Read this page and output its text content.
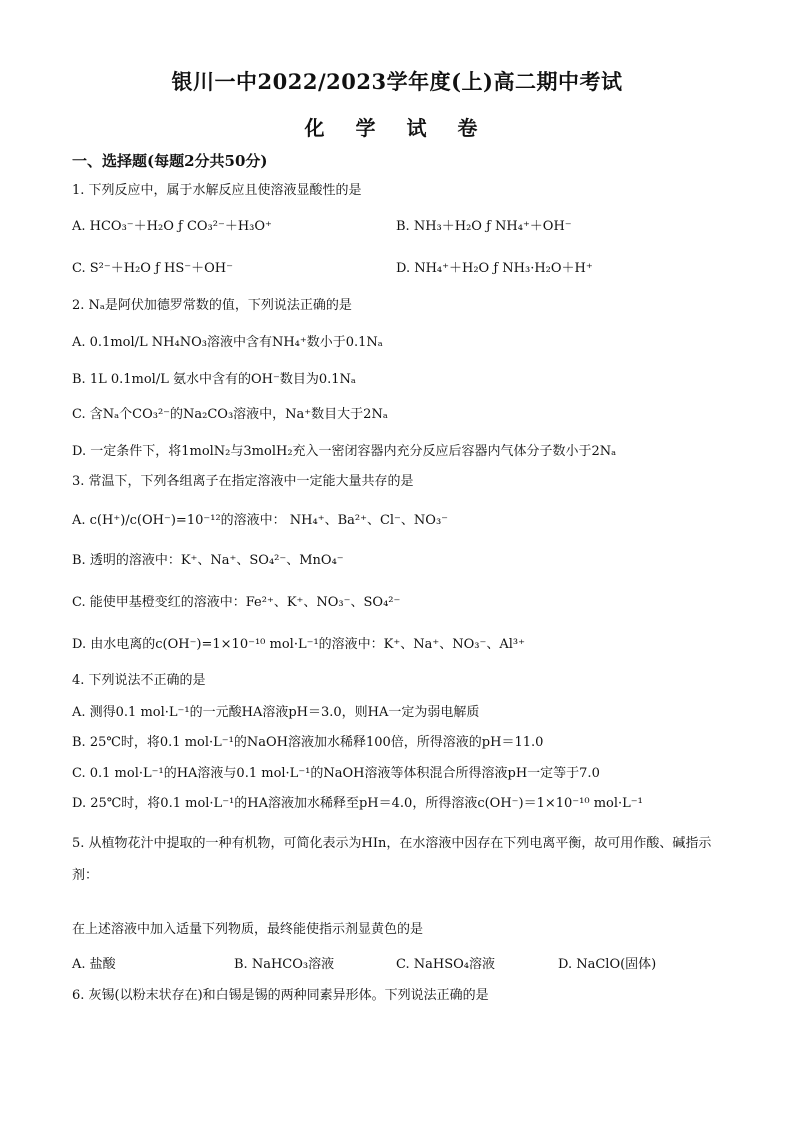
银川一中2022/2023学年度(上)高二期中考试
化 学 试 卷
一、选择题(每题2分共50分)
1. 下列反应中，属于水解反应且使溶液显酸性的是
A. HCO₃⁻＋H₂O ƒ CO₃²⁻＋H₃O⁺	B. NH₃＋H₂O ƒ NH₄⁺＋OH⁻
C. S²⁻＋H₂O ƒ HS⁻＋OH⁻	D. NH₄⁺＋H₂O ƒ NH₃·H₂O＋H⁺
2. Nₐ是阿伏加德罗常数的值，下列说法正确的是
A. 0.1mol/L NH₄NO₃溶液中含有NH₄⁺数小于0.1Nₐ
B. 1L 0.1mol/L 氨水中含有的OH⁻数目为0.1Nₐ
C. 含Nₐ个CO₃²⁻的Na₂CO₃溶液中，Na⁺数目大于2Nₐ
D. 一定条件下，将1molN₂与3molH₂充入一密闭容器内充分反应后容器内气体分子数小于2Nₐ
3. 常温下，下列各组离子在指定溶液中一定能大量共存的是
A. c(H⁺)/c(OH⁻)=10⁻¹²的溶液中： NH₄⁺、Ba²⁺、Cl⁻、NO₃⁻
B. 透明的溶液中：K⁺、Na⁺、SO₄²⁻、MnO₄⁻
C. 能使甲基橙变红的溶液中：Fe²⁺、K⁺、NO₃⁻、SO₄²⁻
D. 由水电离的c(OH⁻)=1×10⁻¹⁰ mol·L⁻¹的溶液中：K⁺、Na⁺、NO₃⁻、Al³⁺
4. 下列说法不正确的是
A. 测得0.1 mol·L⁻¹的一元酸HA溶液pH＝3.0，则HA一定为弱电解质
B. 25℃时，将0.1 mol·L⁻¹的NaOH溶液加水稀释100倍，所得溶液的pH＝11.0
C. 0.1 mol·L⁻¹的HA溶液与0.1 mol·L⁻¹的NaOH溶液等体积混合所得溶液pH一定等于7.0
D. 25℃时，将0.1 mol·L⁻¹的HA溶液加水稀释至pH＝4.0，所得溶液c(OH⁻)＝1×10⁻¹⁰ mol·L⁻¹
5. 从植物花汁中提取的一种有机物，可简化表示为HIn，在水溶液中因存在下列电离平衡，故可用作酸、碱指示剂：
在上述溶液中加入适量下列物质，最终能使指示剂显黄色的是
A. 盐酸	B. NaHCO₃溶液	C. NaHSO₄溶液	D. NaClO(固体)
6. 灰锡(以粉末状存在)和白锡是锡的两种同素异形体。下列说法正确的是
